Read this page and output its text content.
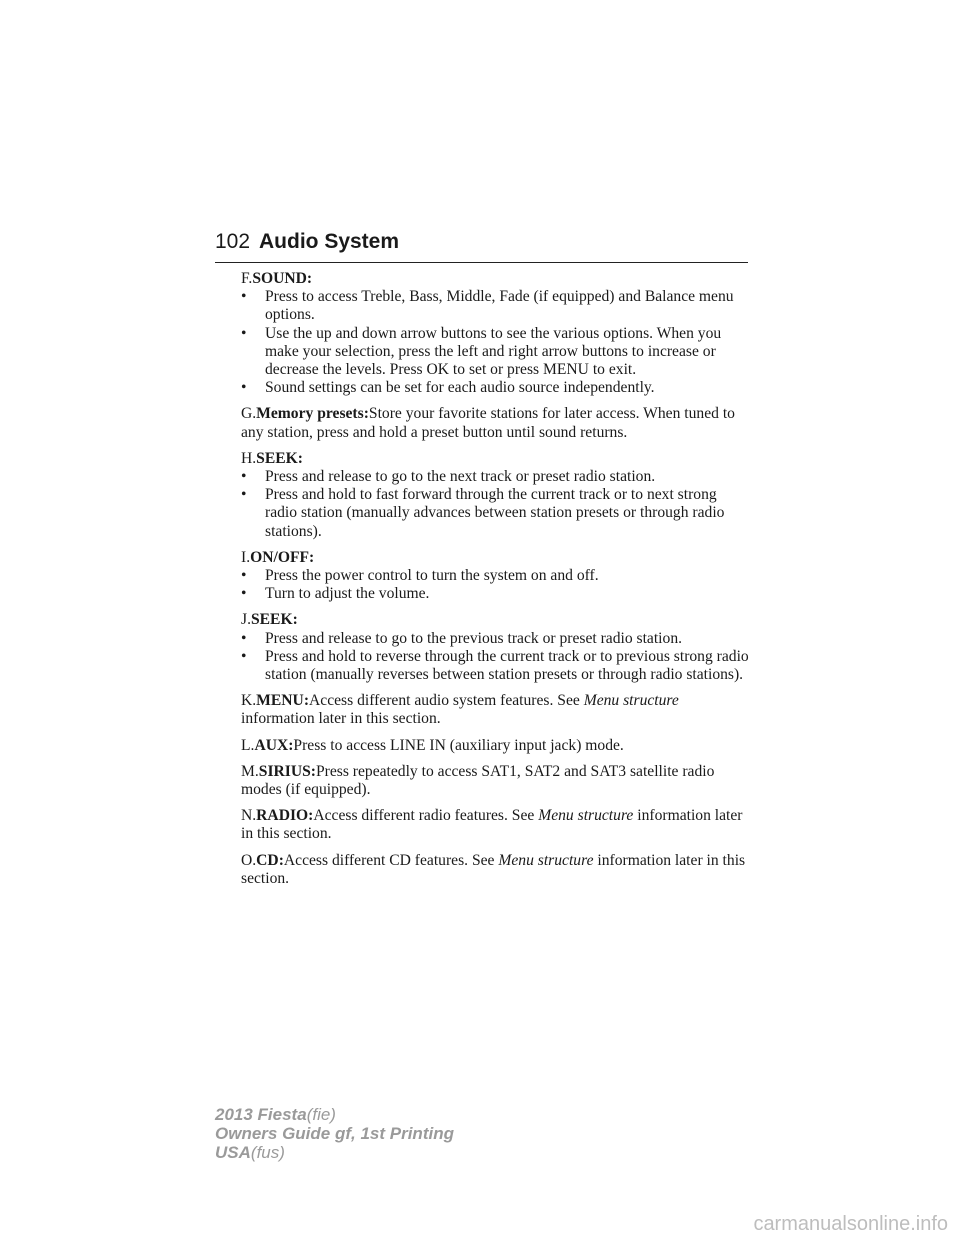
102 Audio System

F.SOUND:

• Press to access Treble, Bass, Middle, Fade (if equipped) and Balance menu options.
• Use the up and down arrow buttons to see the various options. When you make your selection, press the left and right arrow buttons to increase or decrease the levels. Press OK to set or press MENU to exit.
• Sound settings can be set for each audio source independently.

G.Memory presets:Store your favorite stations for later access. When tuned to any station, press and hold a preset button until sound returns.

H.SEEK:

• Press and release to go to the next track or preset radio station.
• Press and hold to fast forward through the current track or to next strong radio station (manually advances between station presets or through radio stations).

I.ON/OFF:

• Press the power control to turn the system on and off.
• Turn to adjust the volume.

J.SEEK:

• Press and release to go to the previous track or preset radio station.
• Press and hold to reverse through the current track or to previous strong radio station (manually reverses between station presets or through radio stations).

K.MENU:Access different audio system features. See Menu structure information later in this section.

L.AUX:Press to access LINE IN (auxiliary input jack) mode.

M.SIRIUS:Press repeatedly to access SAT1, SAT2 and SAT3 satellite radio modes (if equipped).

N.RADIO:Access different radio features. See Menu structure information later in this section.

O.CD:Access different CD features. See Menu structure information later in this section.

2013 Fiesta(fie)
Owners Guide gf, 1st Printing
USA(fus)
carmanualsonline.info
